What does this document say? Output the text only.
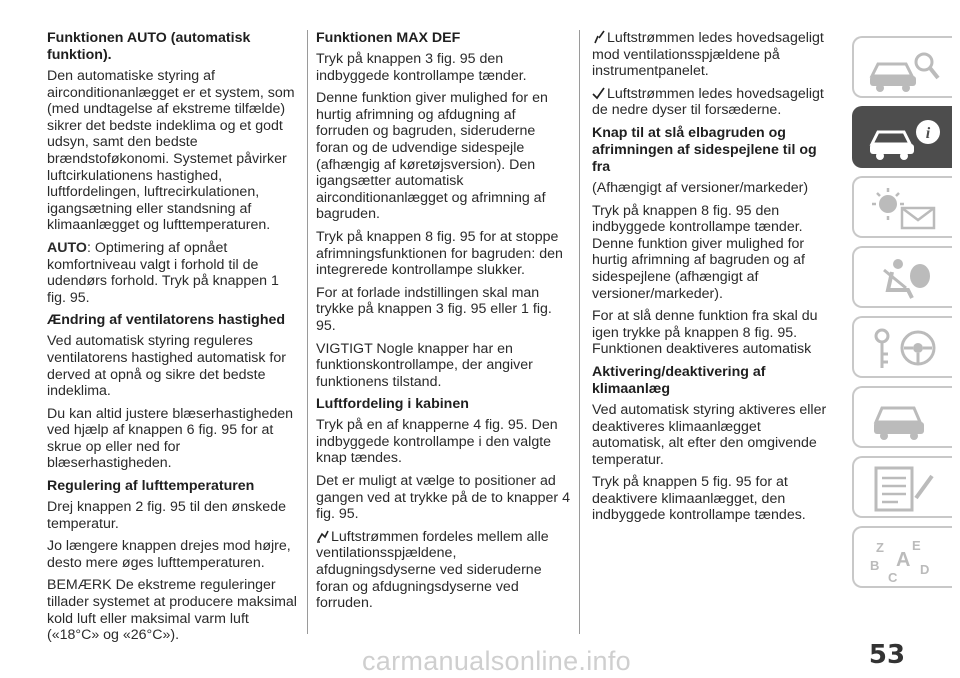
Funktionen AUTO (automatisk funktion).

Den automatiske styring af airconditionanlægget er et system, som (med undtagelse af ekstreme tilfælde) sikrer det bedste indeklima og et godt udsyn, samt den bedste brændstoføkonomi. Systemet påvirker luftcirkulationens hastighed, luftfordelingen, luftrecirkulationen, igangsætning eller standsning af klimaanlægget og lufttemperaturen.

AUTO: Optimering af opnået komfortniveau valgt i forhold til de udendørs forhold. Tryk på knappen 1 fig. 95.

Ændring af ventilatorens hastighed

Ved automatisk styring reguleres ventilatorens hastighed automatisk for derved at opnå og sikre det bedste indeklima.

Du kan altid justere blæserhastigheden ved hjælp af knappen 6 fig. 95 for at skrue op eller ned for blæserhastigheden.

Regulering af lufttemperaturen

Drej knappen 2 fig. 95 til den ønskede temperatur.

Jo længere knappen drejes mod højre, desto mere øges lufttemperaturen.

BEMÆRK De ekstreme reguleringer tillader systemet at producere maksimal kold luft eller maksimal varm luft («18°C» og «26°C»).

Funktionen MAX DEF

Tryk på knappen 3 fig. 95 den indbyggede kontrollampe tænder.

Denne funktion giver mulighed for en hurtig afrimning og afdugning af forruden og bagruden, sideruderne foran og de udvendige sidespejle (afhængig af køretøjsversion). Den igangsætter automatisk airconditionanlægget og afrimning af bagruden.

Tryk på knappen 8 fig. 95 for at stoppe afrimningsfunktionen for bagruden: den integrerede kontrollampe slukker.

For at forlade indstillingen skal man trykke på knappen 3 fig. 95 eller 1 fig. 95.

VIGTIGT Nogle knapper har en funktionskontrollampe, der angiver funktionens tilstand.

Luftfordeling i kabinen

Tryk på en af knapperne 4 fig. 95. Den indbyggede kontrollampe i den valgte knap tændes.

Det er muligt at vælge to positioner ad gangen ved at trykke på de to knapper 4 fig. 95.

Luftstrømmen fordeles mellem alle ventilationsspjældene, afdugningsdyserne ved sideruderne foran og afdugningsdyserne ved forruden.

Luftstrømmen ledes hovedsageligt mod ventilationsspjældene på instrumentpanelet.

Luftstrømmen ledes hovedsageligt de nedre dyser til forsæderne.

Knap til at slå elbagruden og afrimningen af sidespejlene til og fra

(Afhængigt af versioner/markeder)

Tryk på knappen 8 fig. 95 den indbyggede kontrollampe tænder. Denne funktion giver mulighed for hurtig afrimning af bagruden og af sidespejlene (afhængigt af versioner/markeder).

For at slå denne funktion fra skal du igen trykke på knappen 8 fig. 95. Funktionen deaktiveres automatisk

Aktivering/deaktivering af klimaanlæg

Ved automatisk styring aktiveres eller deaktiveres klimaanlægget automatisk, alt efter den omgivende temperatur.

Tryk på knappen 5 fig. 95 for at deaktivere klimaanlægget, den indbyggede kontrollampe tændes.

i
Z E
B A D
C
53
carmanualsonline.info
